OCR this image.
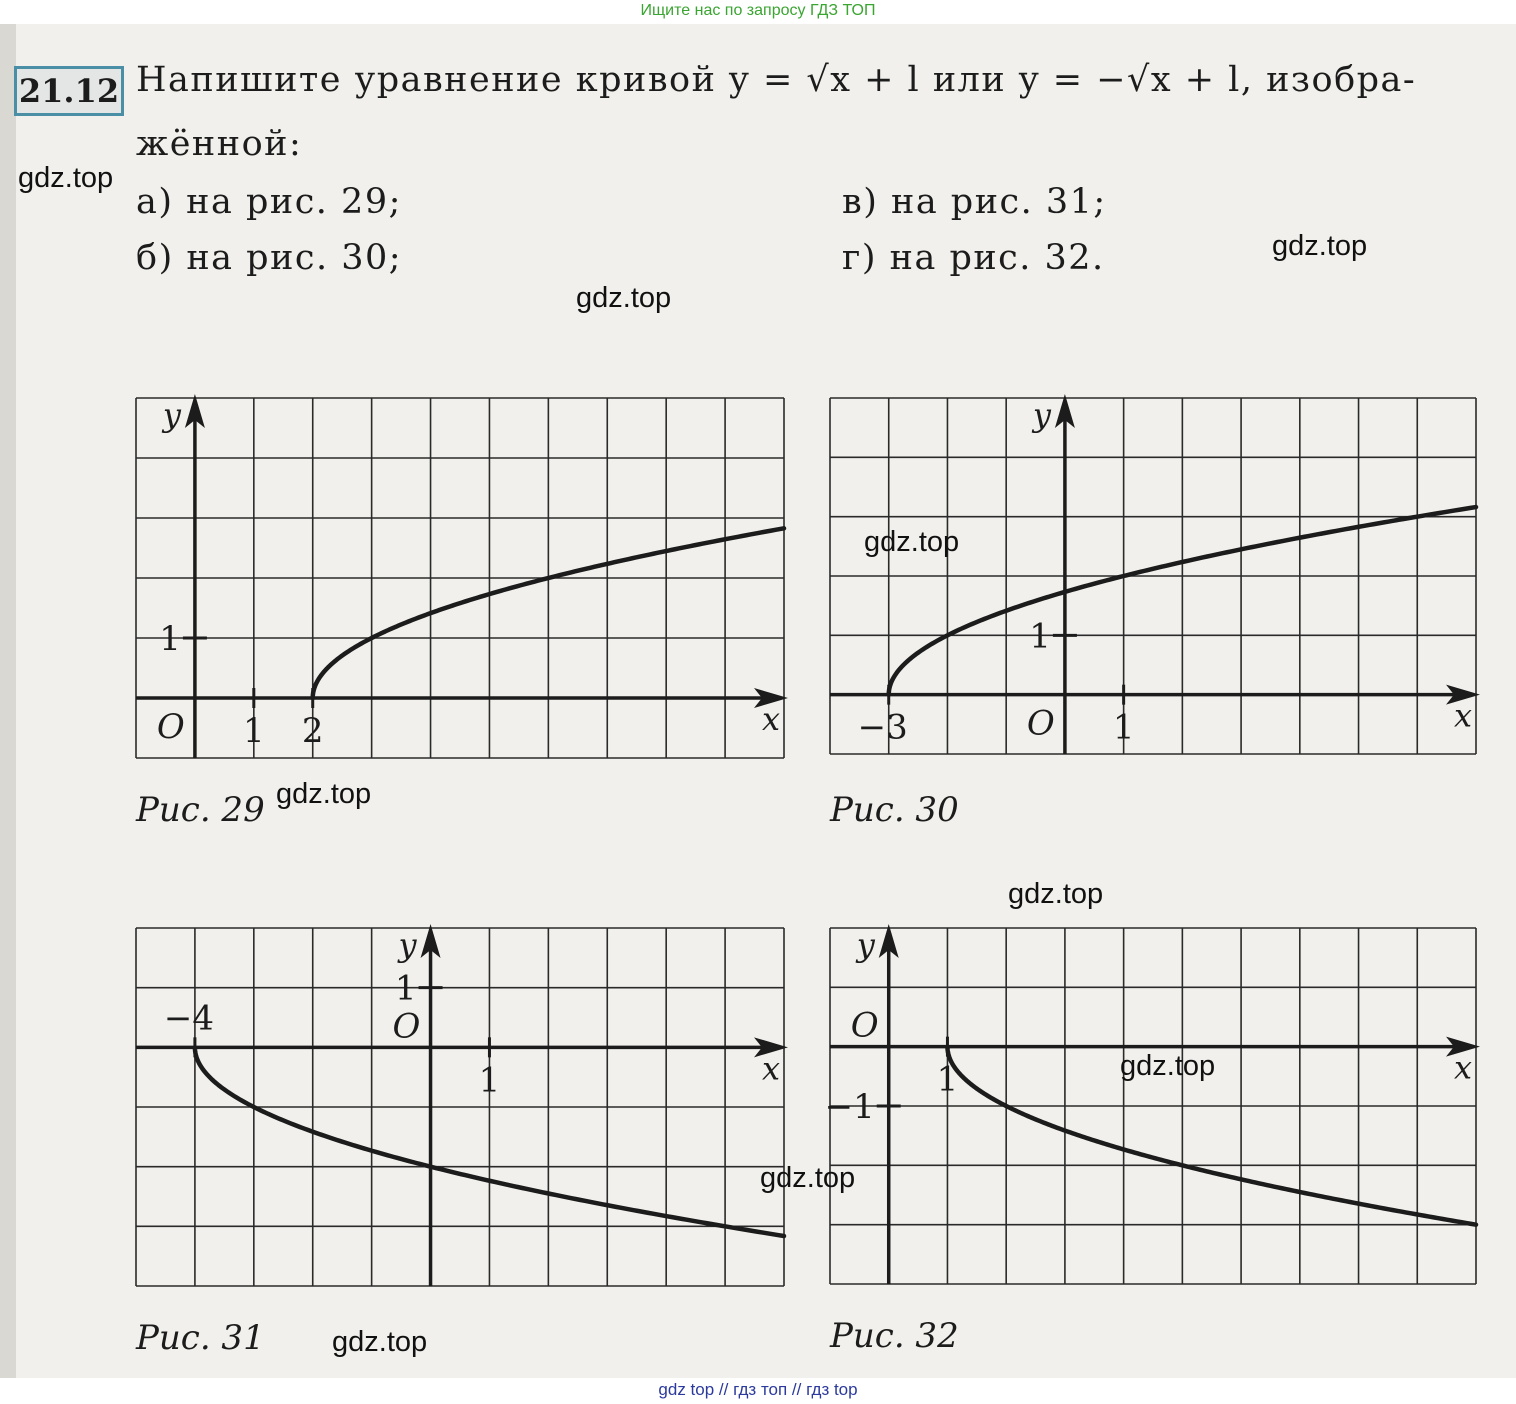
Ищите нас по запросу ГДЗ ТОП
21.12 Напишите уравнение кривой y = √x + l или y = −√x + l, изобра-
жённой:
а) на рис. 29;
б) на рис. 30;
в) на рис. 31;
г) на рис. 32.
y
x
O 1 2
1
Рис. 29
y
x
O
−3	1
1
Рис. 30
y
x
O
−4
1
1
Рис. 31
y
x
O
1
−1
Рис. 32
gdz.top
gdz.top
gdz.top
gdz.top
gdz.top
gdz.top
gdz.top
gdz.top
gdz.top
gdz top // гдз топ // гдз top
